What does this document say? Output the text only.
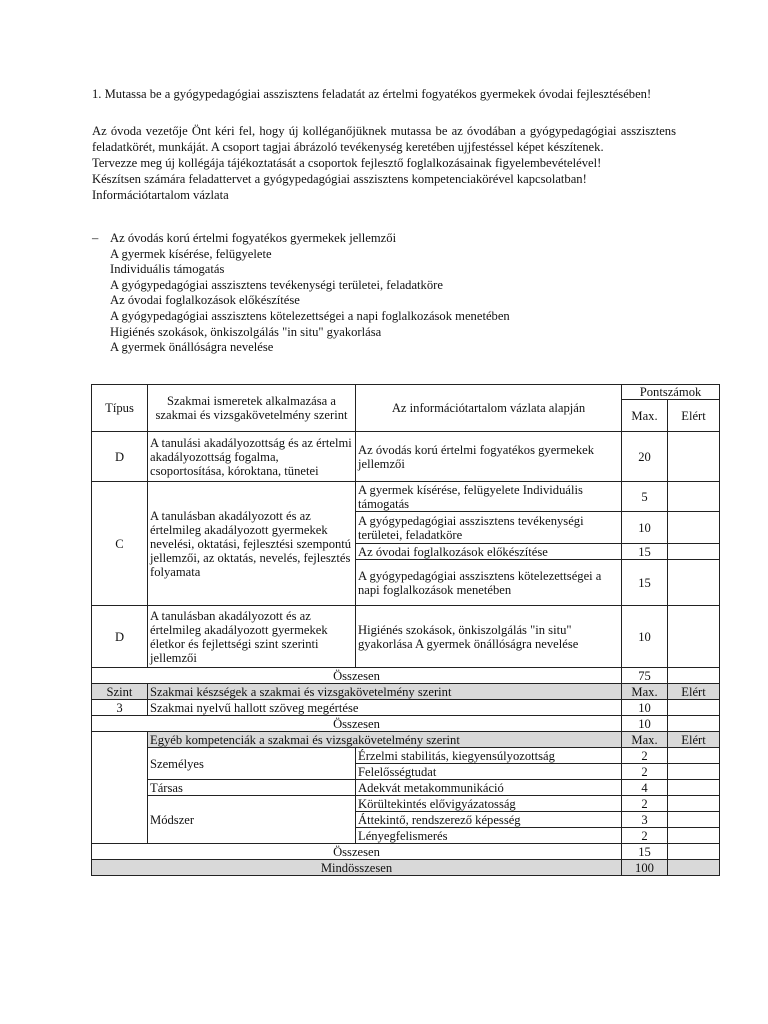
1. Mutassa be a gyógypedagógiai asszisztens feladatát az értelmi fogyatékos gyermekek óvodai fejlesztésében!

Az óvoda vezetője Önt kéri fel, hogy új kolléganőjüknek mutassa be az óvodában a gyógypedagógiai asszisztens feladatkörét, munkáját. A csoport tagjai ábrázoló tevékenység keretében ujjfestéssel képet készítenek.

Tervezze meg új kollégája tájékoztatását a csoportok fejlesztő foglalkozásainak figyelembevételével!

Készítsen számára feladattervet a gyógypedagógiai asszisztens kompetenciakörével kapcsolatban!

Információtartalom vázlata

– Az óvodás korú értelmi fogyatékos gyermekek jellemzői
A gyermek kísérése, felügyelete
Individuális támogatás
A gyógypedagógiai asszisztens tevékenységi területei, feladatköre
Az óvodai foglalkozások előkészítése
A gyógypedagógiai asszisztens kötelezettségei a napi foglalkozások menetében
Higiénés szokások, önkiszolgálás "in situ" gyakorlása
A gyermek önállóságra nevelése
Típus	Szakmai ismeretek alkalmazása a szakmai és vizsgakövetelmény szerint	Az információtartalom vázlata alapján	Pontszámok	
			Max.	Elért
D	A tanulási akadályozottság és az értelmi akadályozottság fogalma, csoportosítása, kóroktana, tünetei	Az óvodás korú értelmi fogyatékos gyermekek jellemzői	20	
C	A tanulásban akadályozott és az értelmileg akadályozott gyermekek nevelési, oktatási, fejlesztési szempontú jellemzői, az oktatás, nevelés, fejlesztés folyamata	A gyermek kísérése, felügyelete Individuális támogatás	5	
		A gyógypedagógiai asszisztens tevékenységi területei, feladatköre	10	
		Az óvodai foglalkozások előkészítése	15	
		A gyógypedagógiai asszisztens kötelezettségei a napi foglalkozások menetében	15	
D	A tanulásban akadályozott és az értelmileg akadályozott gyermekek életkor és fejlettségi szint szerinti jellemzői	Higiénés szokások, önkiszolgálás "in situ" gyakorlása A gyermek önállóságra nevelése	10	
Összesen			75	
Szint	Szakmai készségek a szakmai és vizsgakövetelmény szerint		Max.	Elért
3	Szakmai nyelvű hallott szöveg megértése		10	
Összesen			10	
	Egyéb kompetenciák a szakmai és vizsgakövetelmény szerint		Max.	Elért
	Személyes	Érzelmi stabilitás, kiegyensúlyozottság	2	
		Felelősségtudat	2	
	Társas	Adekvát metakommunikáció	4	
	Módszer	Körültekintés elővigyázatosság	2	
		Áttekintő, rendszerező képesség	3	
		Lényegfelismerés	2	
Összesen			15	
Mindösszesen			100	
